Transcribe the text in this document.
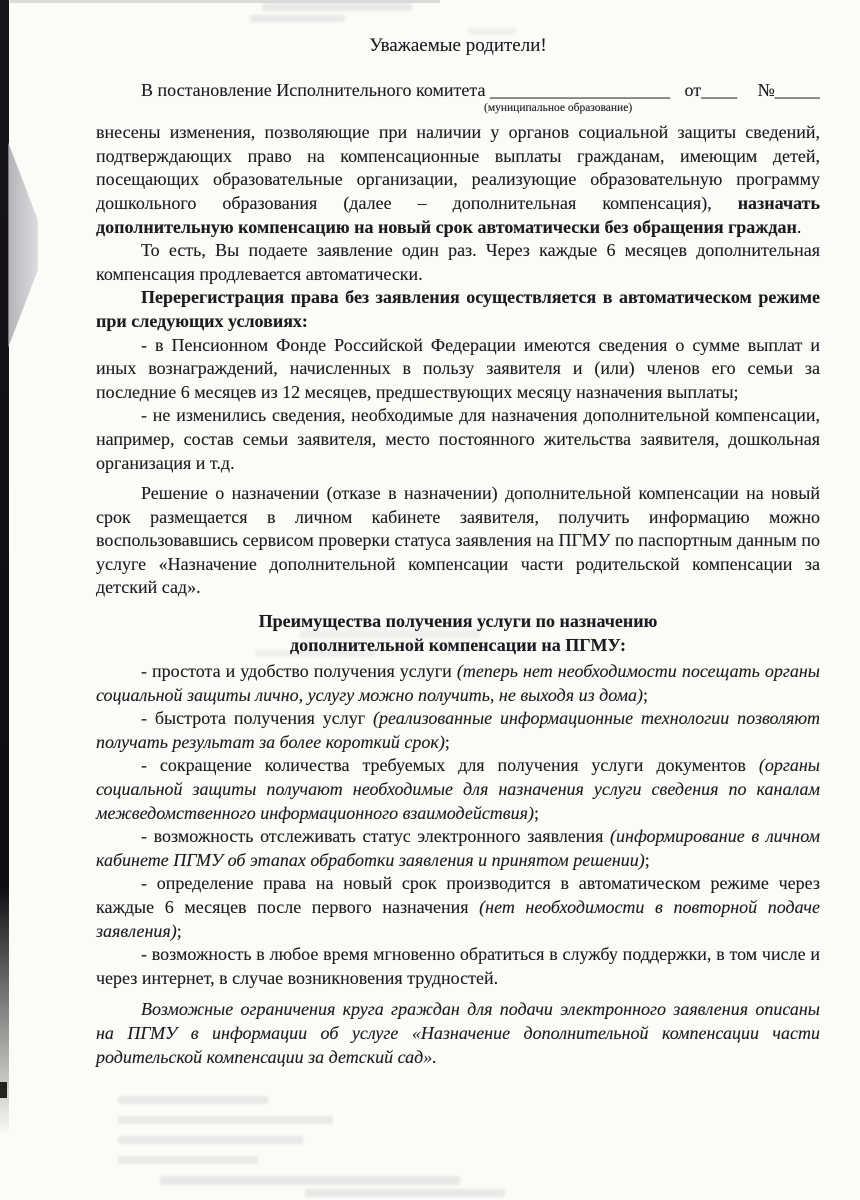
Уважаемые родители!
В постановление Исполнительного комитета ____________________ от____ №_____
(муниципальное образование)

внесены изменения, позволяющие при наличии у органов социальной защиты сведений, подтверждающих право на компенсационные выплаты гражданам, имеющим детей, посещающих образовательные организации, реализующие образовательную программу дошкольного образования (далее – дополнительная компенсация), назначать дополнительную компенсацию на новый срок автоматически без обращения граждан.

То есть, Вы подаете заявление один раз. Через каждые 6 месяцев дополнительная компенсация продлевается автоматически.

Перерегистрация права без заявления осуществляется в автоматическом режиме при следующих условиях:

- в Пенсионном Фонде Российской Федерации имеются сведения о сумме выплат и иных вознаграждений, начисленных в пользу заявителя и (или) членов его семьи за последние 6 месяцев из 12 месяцев, предшествующих месяцу назначения выплаты;

- не изменились сведения, необходимые для назначения дополнительной компенсации, например, состав семьи заявителя, место постоянного жительства заявителя, дошкольная организация и т.д.

Решение о назначении (отказе в назначении) дополнительной компенсации на новый срок размещается в личном кабинете заявителя, получить информацию можно воспользовавшись сервисом проверки статуса заявления на ПГМУ по паспортным данным по услуге «Назначение дополнительной компенсации части родительской компенсации за детский сад».

Преимущества получения услуги по назначению
дополнительной компенсации на ПГМУ:

- простота и удобство получения услуги (теперь нет необходимости посещать органы социальной защиты лично, услугу можно получить, не выходя из дома);

- быстрота получения услуг (реализованные информационные технологии позволяют получать результат за более короткий срок);

- сокращение количества требуемых для получения услуги документов (органы социальной защиты получают необходимые для назначения услуги сведения по каналам межведомственного информационного взаимодействия);

- возможность отслеживать статус электронного заявления (информирование в личном кабинете ПГМУ об этапах обработки заявления и принятом решении);

- определение права на новый срок производится в автоматическом режиме через каждые 6 месяцев после первого назначения (нет необходимости в повторной подаче заявления);

- возможность в любое время мгновенно обратиться в службу поддержки, в том числе и через интернет, в случае возникновения трудностей.

Возможные ограничения круга граждан для подачи электронного заявления описаны на ПГМУ в информации об услуге «Назначение дополнительной компенсации части родительской компенсации за детский сад».
